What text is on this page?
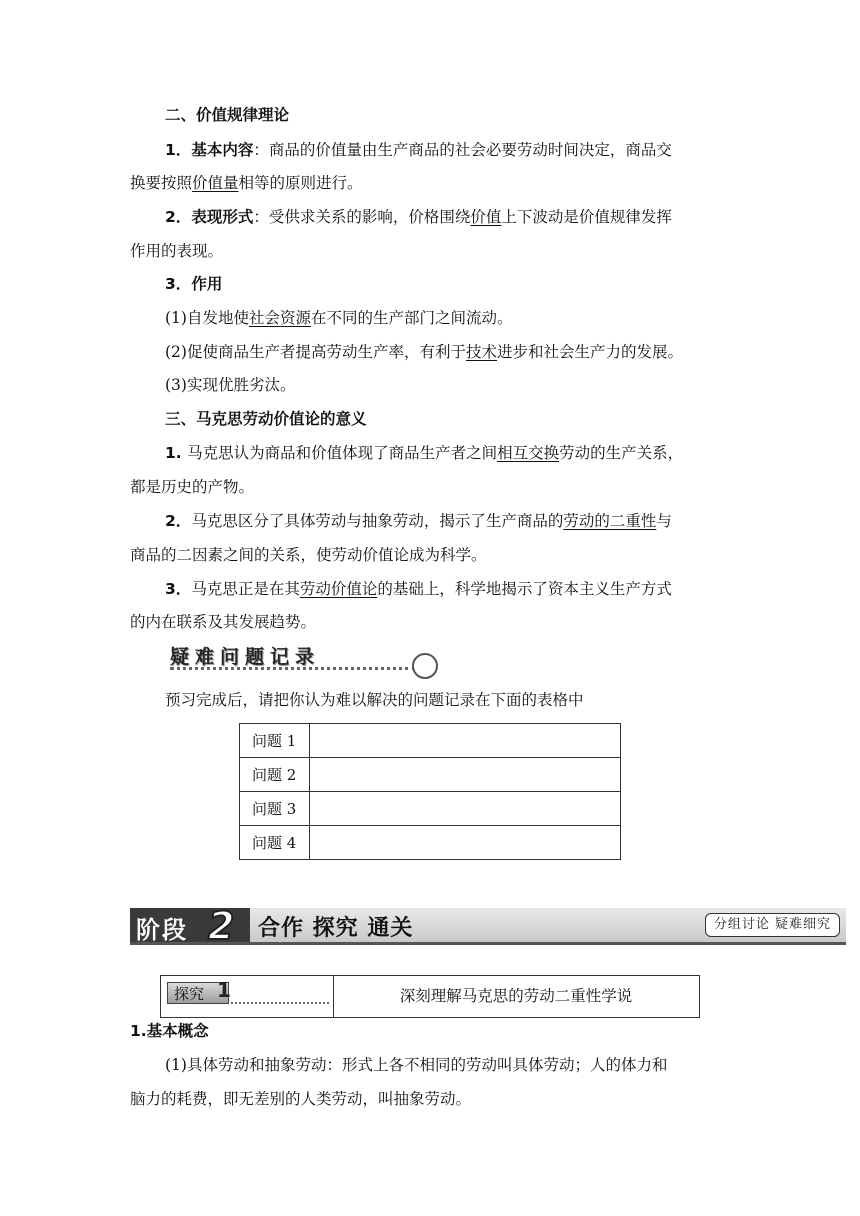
二、价值规律理论
1．基本内容：商品的价值量由生产商品的社会必要劳动时间决定，商品交
换要按照价值量相等的原则进行。
2．表现形式：受供求关系的影响，价格围绕价值上下波动是价值规律发挥
作用的表现。
3．作用
(1)自发地使社会资源在不同的生产部门之间流动。
(2)促使商品生产者提高劳动生产率，有利于技术进步和社会生产力的发展。
(3)实现优胜劣汰。
三、马克思劳动价值论的意义
1. 马克思认为商品和价值体现了商品生产者之间相互交换劳动的生产关系，
都是历史的产物。
2．马克思区分了具体劳动与抽象劳动，揭示了生产商品的劳动的二重性与
商品的二因素之间的关系，使劳动价值论成为科学。
3．马克思正是在其劳动价值论的基础上，科学地揭示了资本主义生产方式
的内在联系及其发展趋势。
疑难问题记录
预习完成后，请把你认为难以解决的问题记录在下面的表格中
问题 1	
问题 2	
问题 3	
问题 4	
阶段 2 合作 探究 通关	分组讨论 疑难细究
探究 1	深刻理解马克思的劳动二重性学说
1.基本概念
(1)具体劳动和抽象劳动：形式上各不相同的劳动叫具体劳动；人的体力和
脑力的耗费，即无差别的人类劳动，叫抽象劳动。
